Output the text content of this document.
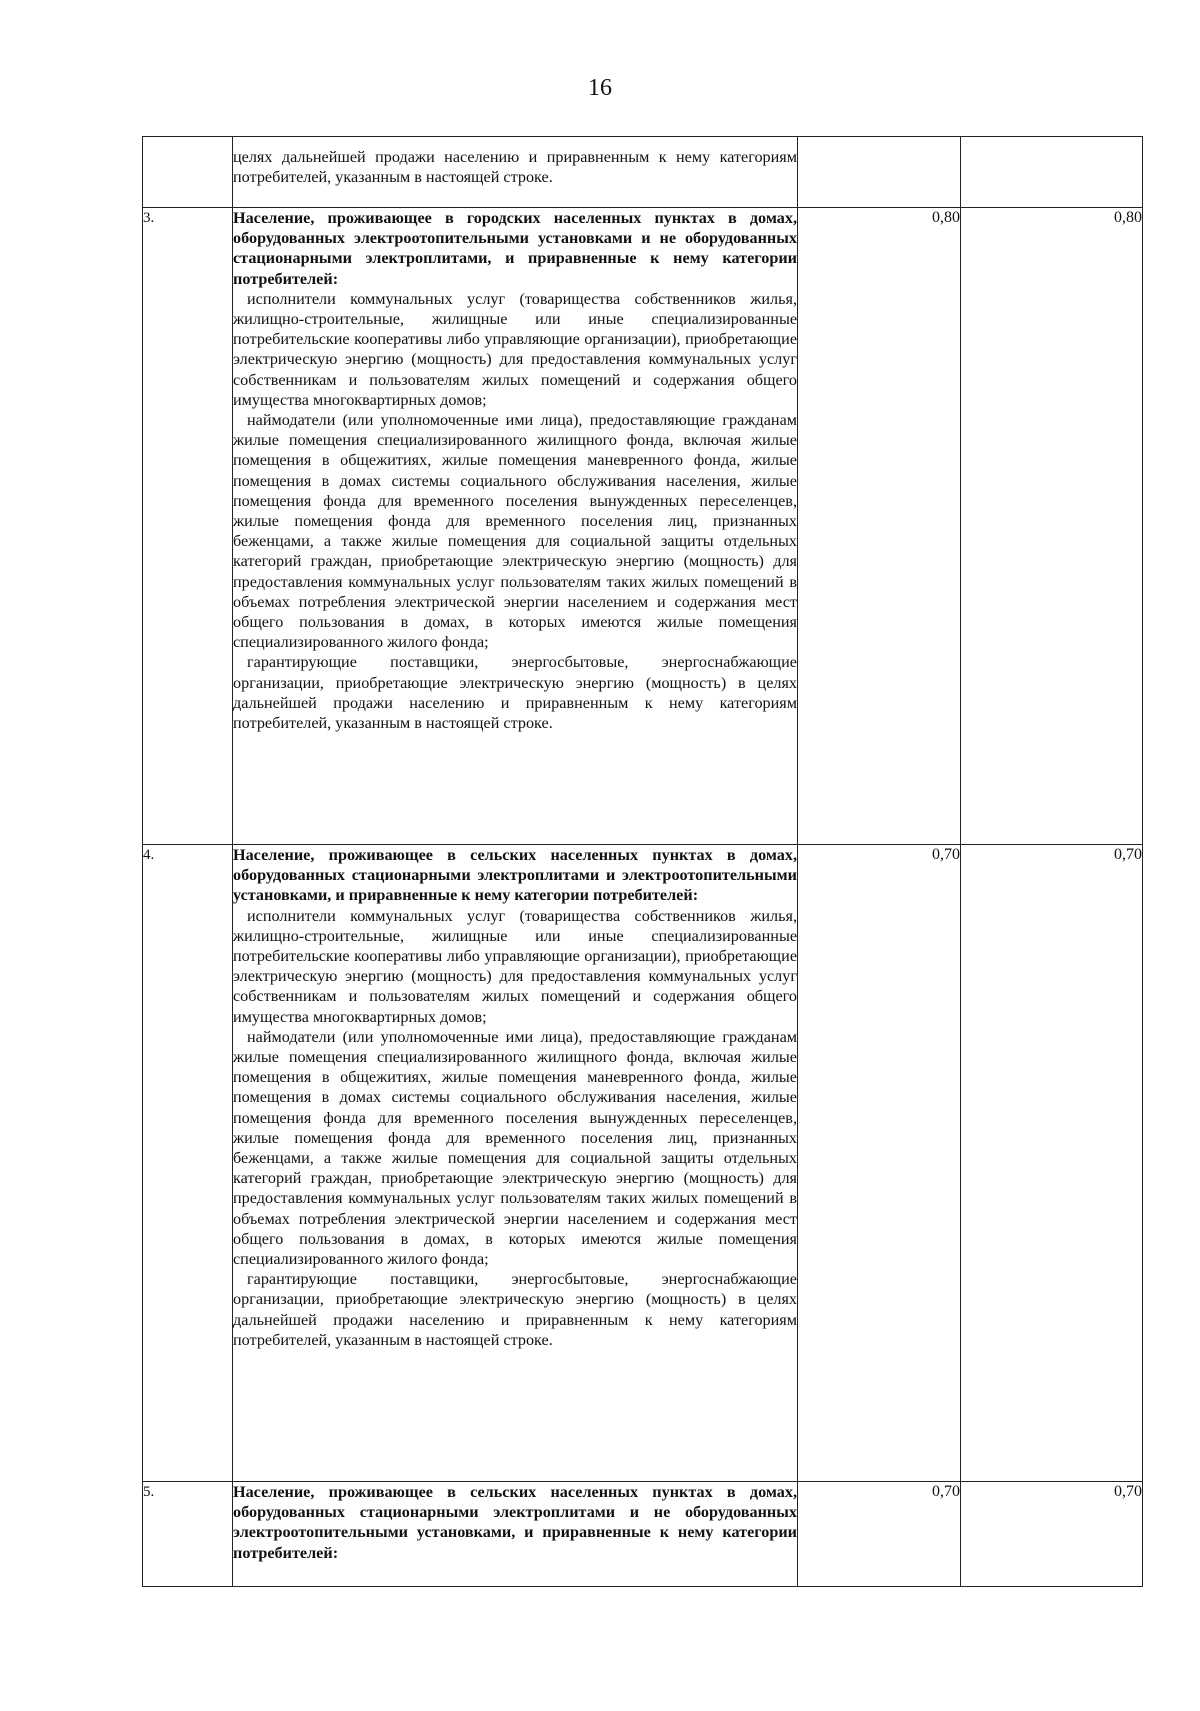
16

	целях дальнейшей продажи населению и приравненным к нему категориям потребителей, указанным в настоящей строке.		

3.	Население, проживающее в городских населенных пунктах в домах, оборудованных электроотопительными установками и не оборудованных стационарными электроплитами, и приравненные к нему категории потребителей:

исполнители коммунальных услуг (товарищества собственников жилья, жилищно-строительные, жилищные или иные специализированные потребительские кооперативы либо управляющие организации), приобретающие электрическую энергию (мощность) для предоставления коммунальных услуг собственникам и пользователям жилых помещений и содержания общего имущества многоквартирных домов;

наймодатели (или уполномоченные ими лица), предоставляющие гражданам жилые помещения специализированного жилищного фонда, включая жилые помещения в общежитиях, жилые помещения маневренного фонда, жилые помещения в домах системы социального обслуживания населения, жилые помещения фонда для временного поселения вынужденных переселенцев, жилые помещения фонда для временного поселения лиц, признанных беженцами, а также жилые помещения для социальной защиты отдельных категорий граждан, приобретающие электрическую энергию (мощность) для предоставления коммунальных услуг пользователям таких жилых помещений в объемах потребления электрической энергии населением и содержания мест общего пользования в домах, в которых имеются жилые помещения специализированного жилого фонда;

гарантирующие поставщики, энергосбытовые, энергоснабжающие организации, приобретающие электрическую энергию (мощность) в целях дальнейшей продажи населению и приравненным к нему категориям потребителей, указанным в настоящей строке.	0,80	0,80
4.	Население, проживающее в сельских населенных пунктах в домах, оборудованных стационарными электроплитами и электроотопительными установками, и приравненные к нему категории потребителей:

исполнители коммунальных услуг (товарищества собственников жилья, жилищно-строительные, жилищные или иные специализированные потребительские кооперативы либо управляющие организации), приобретающие электрическую энергию (мощность) для предоставления коммунальных услуг собственникам и пользователям жилых помещений и содержания общего имущества многоквартирных домов;

наймодатели (или уполномоченные ими лица), предоставляющие гражданам жилые помещения специализированного жилищного фонда, включая жилые помещения в общежитиях, жилые помещения маневренного фонда, жилые помещения в домах системы социального обслуживания населения, жилые помещения фонда для временного поселения вынужденных переселенцев, жилые помещения фонда для временного поселения лиц, признанных беженцами, а также жилые помещения для социальной защиты отдельных категорий граждан, приобретающие электрическую энергию (мощность) для предоставления коммунальных услуг пользователям таких жилых помещений в объемах потребления электрической энергии населением и содержания мест общего пользования в домах, в которых имеются жилые помещения специализированного жилого фонда;

гарантирующие поставщики, энергосбытовые, энергоснабжающие организации, приобретающие электрическую энергию (мощность) в целях дальнейшей продажи населению и приравненным к нему категориям потребителей, указанным в настоящей строке.	0,70	0,70
5.	Население, проживающее в сельских населенных пунктах в домах, оборудованных стационарными электроплитами и не оборудованных электроотопительными установками, и приравненные к нему категории потребителей:	0,70	0,70
